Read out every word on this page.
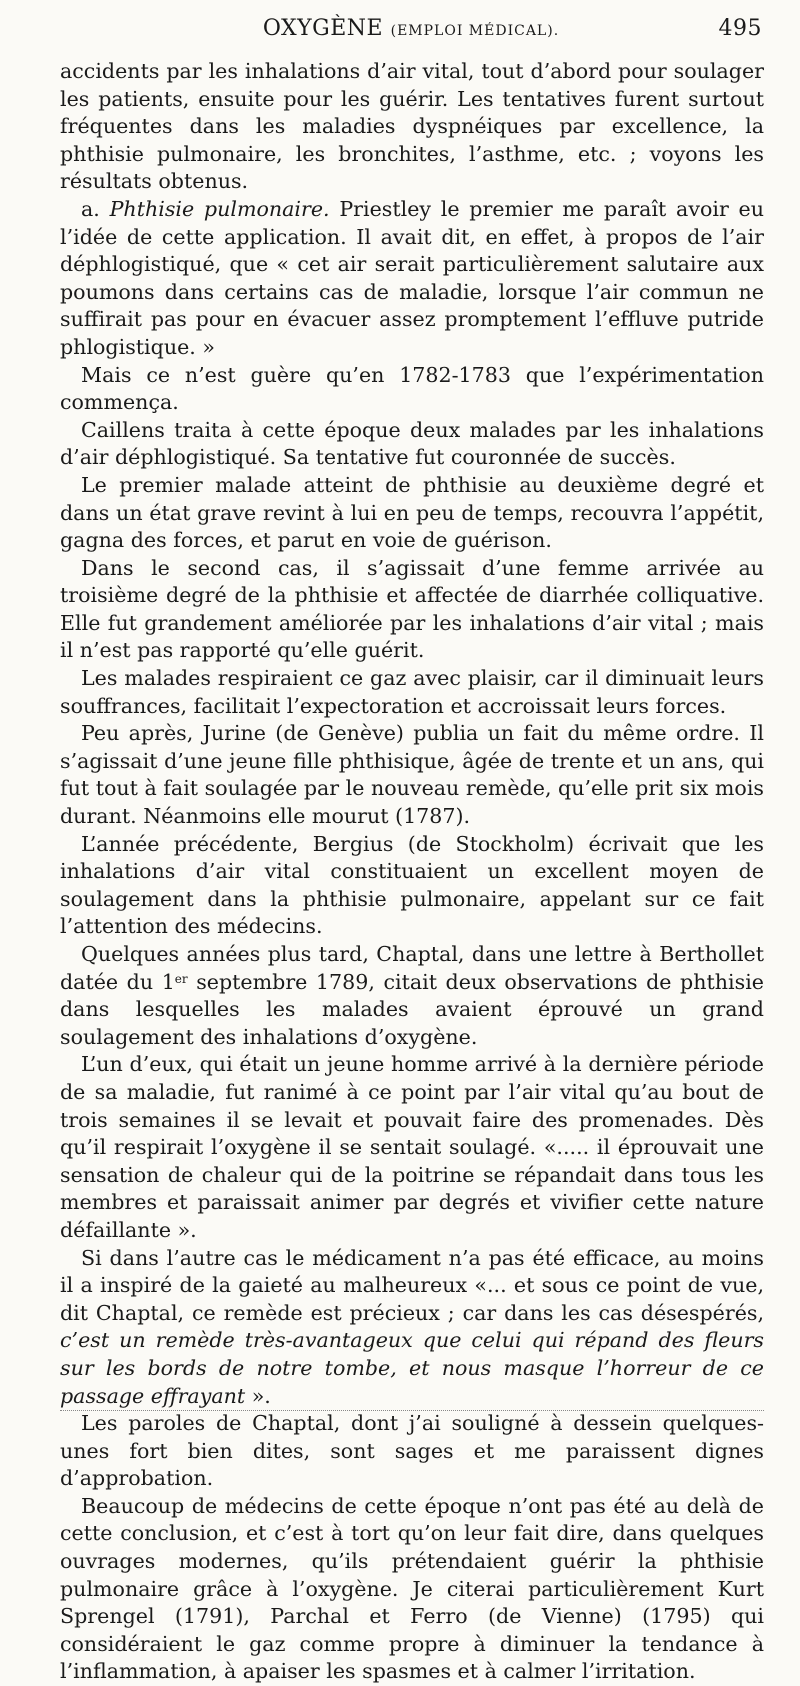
OXYGÈNE (EMPLOI MÉDICAL).	495

accidents par les inhalations d’air vital, tout d’abord pour soulager les patients, ensuite pour les guérir. Les tentatives furent surtout fréquentes dans les maladies dyspnéiques par excellence, la phthisie pulmonaire, les bronchites, l’asthme, etc. ; voyons les résultats obtenus.

a. Phthisie pulmonaire. Priestley le premier me paraît avoir eu l’idée de cette application. Il avait dit, en effet, à propos de l’air déphlogistiqué, que « cet air serait particulièrement salutaire aux poumons dans certains cas de maladie, lorsque l’air commun ne suffirait pas pour en évacuer assez promptement l’effluve putride phlogistique. »

Mais ce n’est guère qu’en 1782-1783 que l’expérimentation commença.

Caillens traita à cette époque deux malades par les inhalations d’air déphlogistiqué. Sa tentative fut couronnée de succès.

Le premier malade atteint de phthisie au deuxième degré et dans un état grave revint à lui en peu de temps, recouvra l’appétit, gagna des forces, et parut en voie de guérison.

Dans le second cas, il s’agissait d’une femme arrivée au troisième degré de la phthisie et affectée de diarrhée colliquative. Elle fut grandement améliorée par les inhalations d’air vital ; mais il n’est pas rapporté qu’elle guérit.

Les malades respiraient ce gaz avec plaisir, car il diminuait leurs souffrances, facilitait l’expectoration et accroissait leurs forces.

Peu après, Jurine (de Genève) publia un fait du même ordre. Il s’agissait d’une jeune fille phthisique, âgée de trente et un ans, qui fut tout à fait soulagée par le nouveau remède, qu’elle prit six mois durant. Néanmoins elle mourut (1787).

L’année précédente, Bergius (de Stockholm) écrivait que les inhalations d’air vital constituaient un excellent moyen de soulagement dans la phthisie pulmonaire, appelant sur ce fait l’attention des médecins.

Quelques années plus tard, Chaptal, dans une lettre à Berthollet datée du 1er septembre 1789, citait deux observations de phthisie dans lesquelles les malades avaient éprouvé un grand soulagement des inhalations d’oxygène.

L’un d’eux, qui était un jeune homme arrivé à la dernière période de sa maladie, fut ranimé à ce point par l’air vital qu’au bout de trois semaines il se levait et pouvait faire des promenades. Dès qu’il respirait l’oxygène il se sentait soulagé. «..... il éprouvait une sensation de chaleur qui de la poitrine se répandait dans tous les membres et paraissait animer par degrés et vivifier cette nature défaillante ».

Si dans l’autre cas le médicament n’a pas été efficace, au moins il a inspiré de la gaieté au malheureux «... et sous ce point de vue, dit Chaptal, ce remède est précieux ; car dans les cas désespérés, c’est un remède très-avantageux que celui qui répand des fleurs sur les bords de notre tombe, et nous masque l’horreur de ce passage effrayant ».

Les paroles de Chaptal, dont j’ai souligné à dessein quelques-unes fort bien dites, sont sages et me paraissent dignes d’approbation.

Beaucoup de médecins de cette époque n’ont pas été au delà de cette conclusion, et c’est à tort qu’on leur fait dire, dans quelques ouvrages modernes, qu’ils prétendaient guérir la phthisie pulmonaire grâce à l’oxygène. Je citerai particulièrement Kurt Sprengel (1791), Parchal et Ferro (de Vienne) (1795) qui considéraient le gaz comme propre à diminuer la tendance à l’inflammation, à apaiser les spasmes et à calmer l’irritation.
